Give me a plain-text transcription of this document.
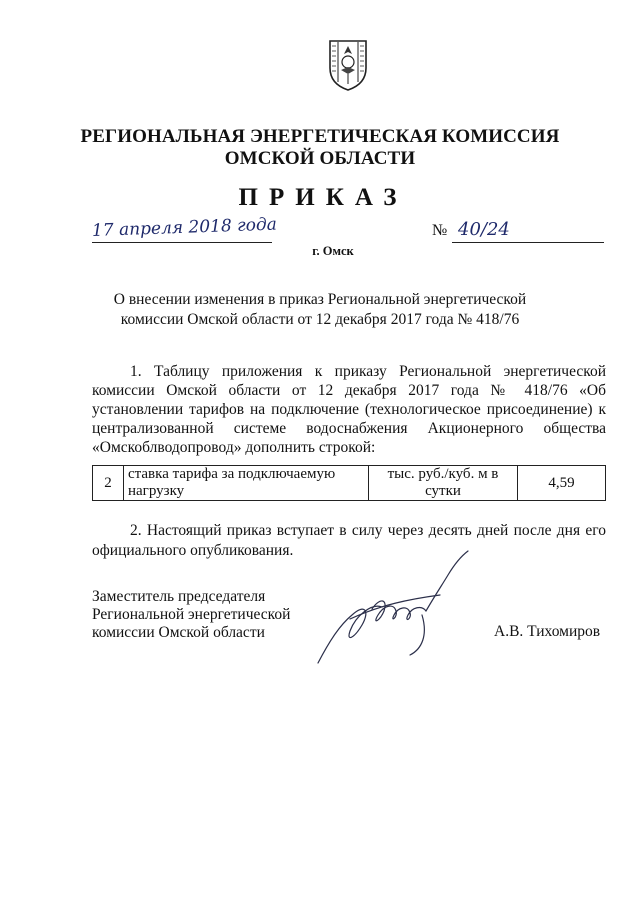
РЕГИОНАЛЬНАЯ ЭНЕРГЕТИЧЕСКАЯ КОМИССИЯ
ОМСКОЙ ОБЛАСТИ
ПРИКАЗ
17 апреля 2018 года	№ 40/24
г. Омск
О внесении изменения в приказ Региональной энергетической
комиссии Омской области от 12 декабря 2017 года № 418/76
1. Таблицу приложения к приказу Региональной энергетической комиссии Омской области от 12 декабря 2017 года № 418/76 «Об установлении тарифов на подключение (технологическое присоединение) к централизованной системе водоснабжения Акционерного общества «Омскоблводопровод» дополнить строкой:
2	ставка тарифа за подключаемую нагрузку	тыс. руб./куб. м в сутки	4,59
2. Настоящий приказ вступает в силу через десять дней после дня его официального опубликования.
Заместитель председателя
Региональной энергетической
комиссии Омской области	А.В. Тихомиров
